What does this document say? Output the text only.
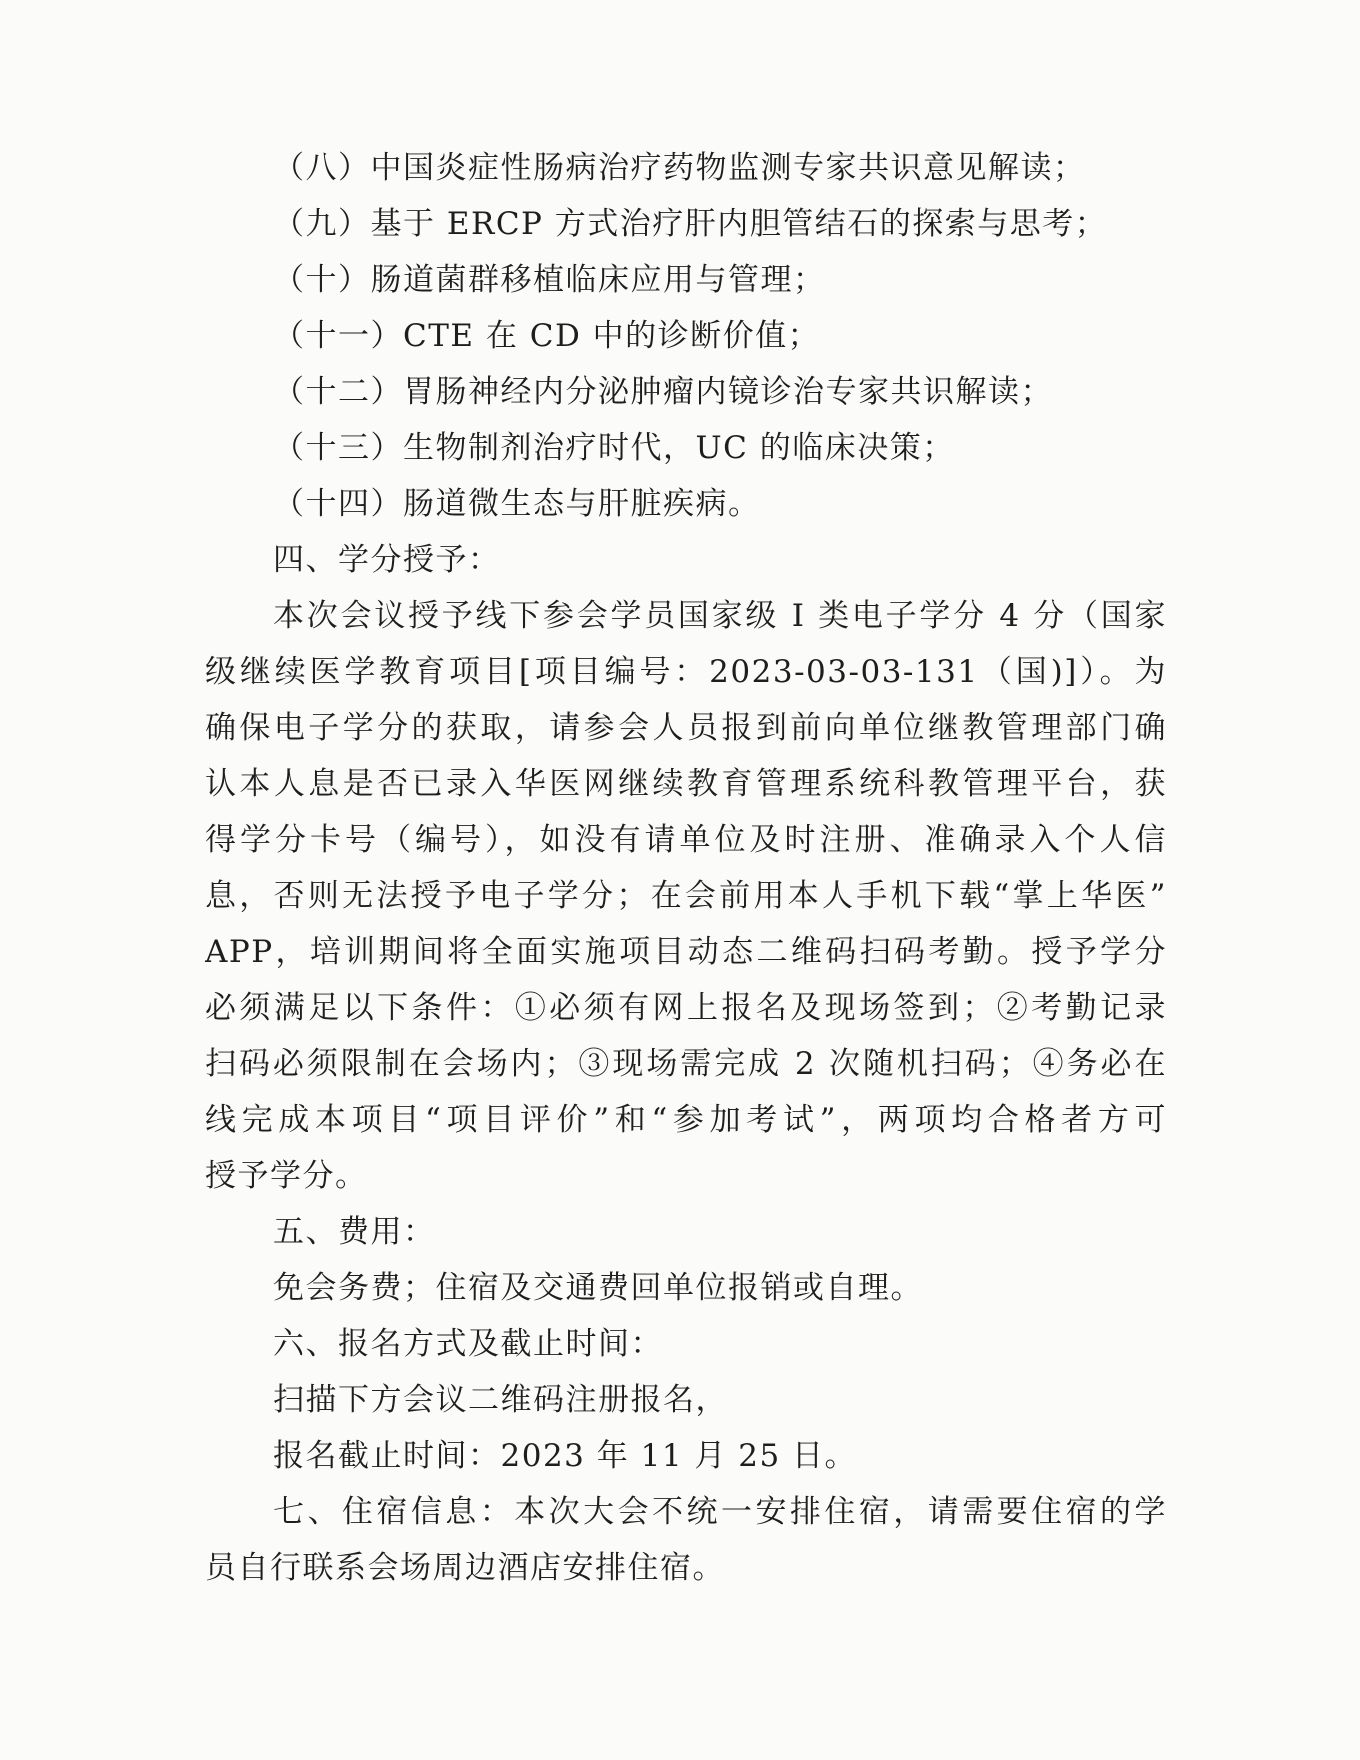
（八）中国炎症性肠病治疗药物监测专家共识意见解读；
（九）基于 ERCP 方式治疗肝内胆管结石的探索与思考；
（十）肠道菌群移植临床应用与管理；
（十一）CTE 在 CD 中的诊断价值；
（十二）胃肠神经内分泌肿瘤内镜诊治专家共识解读；
（十三）生物制剂治疗时代，UC 的临床决策；
（十四）肠道微生态与肝脏疾病。
四、学分授予：
本次会议授予线下参会学员国家级 I 类电子学分 4 分（国家
级继续医学教育项目[项目编号：2023-03-03-131（国)]）。为
确保电子学分的获取，请参会人员报到前向单位继教管理部门确
认本人息是否已录入华医网继续教育管理系统科教管理平台，获
得学分卡号（编号），如没有请单位及时注册、准确录入个人信
息，否则无法授予电子学分；在会前用本人手机下载“掌上华医”
APP，培训期间将全面实施项目动态二维码扫码考勤。授予学分
必须满足以下条件：①必须有网上报名及现场签到；②考勤记录
扫码必须限制在会场内；③现场需完成 2 次随机扫码；④务必在
线完成本项目“项目评价”和“参加考试”，两项均合格者方可
授予学分。
五、费用：
免会务费；住宿及交通费回单位报销或自理。
六、报名方式及截止时间：
扫描下方会议二维码注册报名，
报名截止时间：2023 年 11 月 25 日。
七、住宿信息：本次大会不统一安排住宿，请需要住宿的学
员自行联系会场周边酒店安排住宿。
